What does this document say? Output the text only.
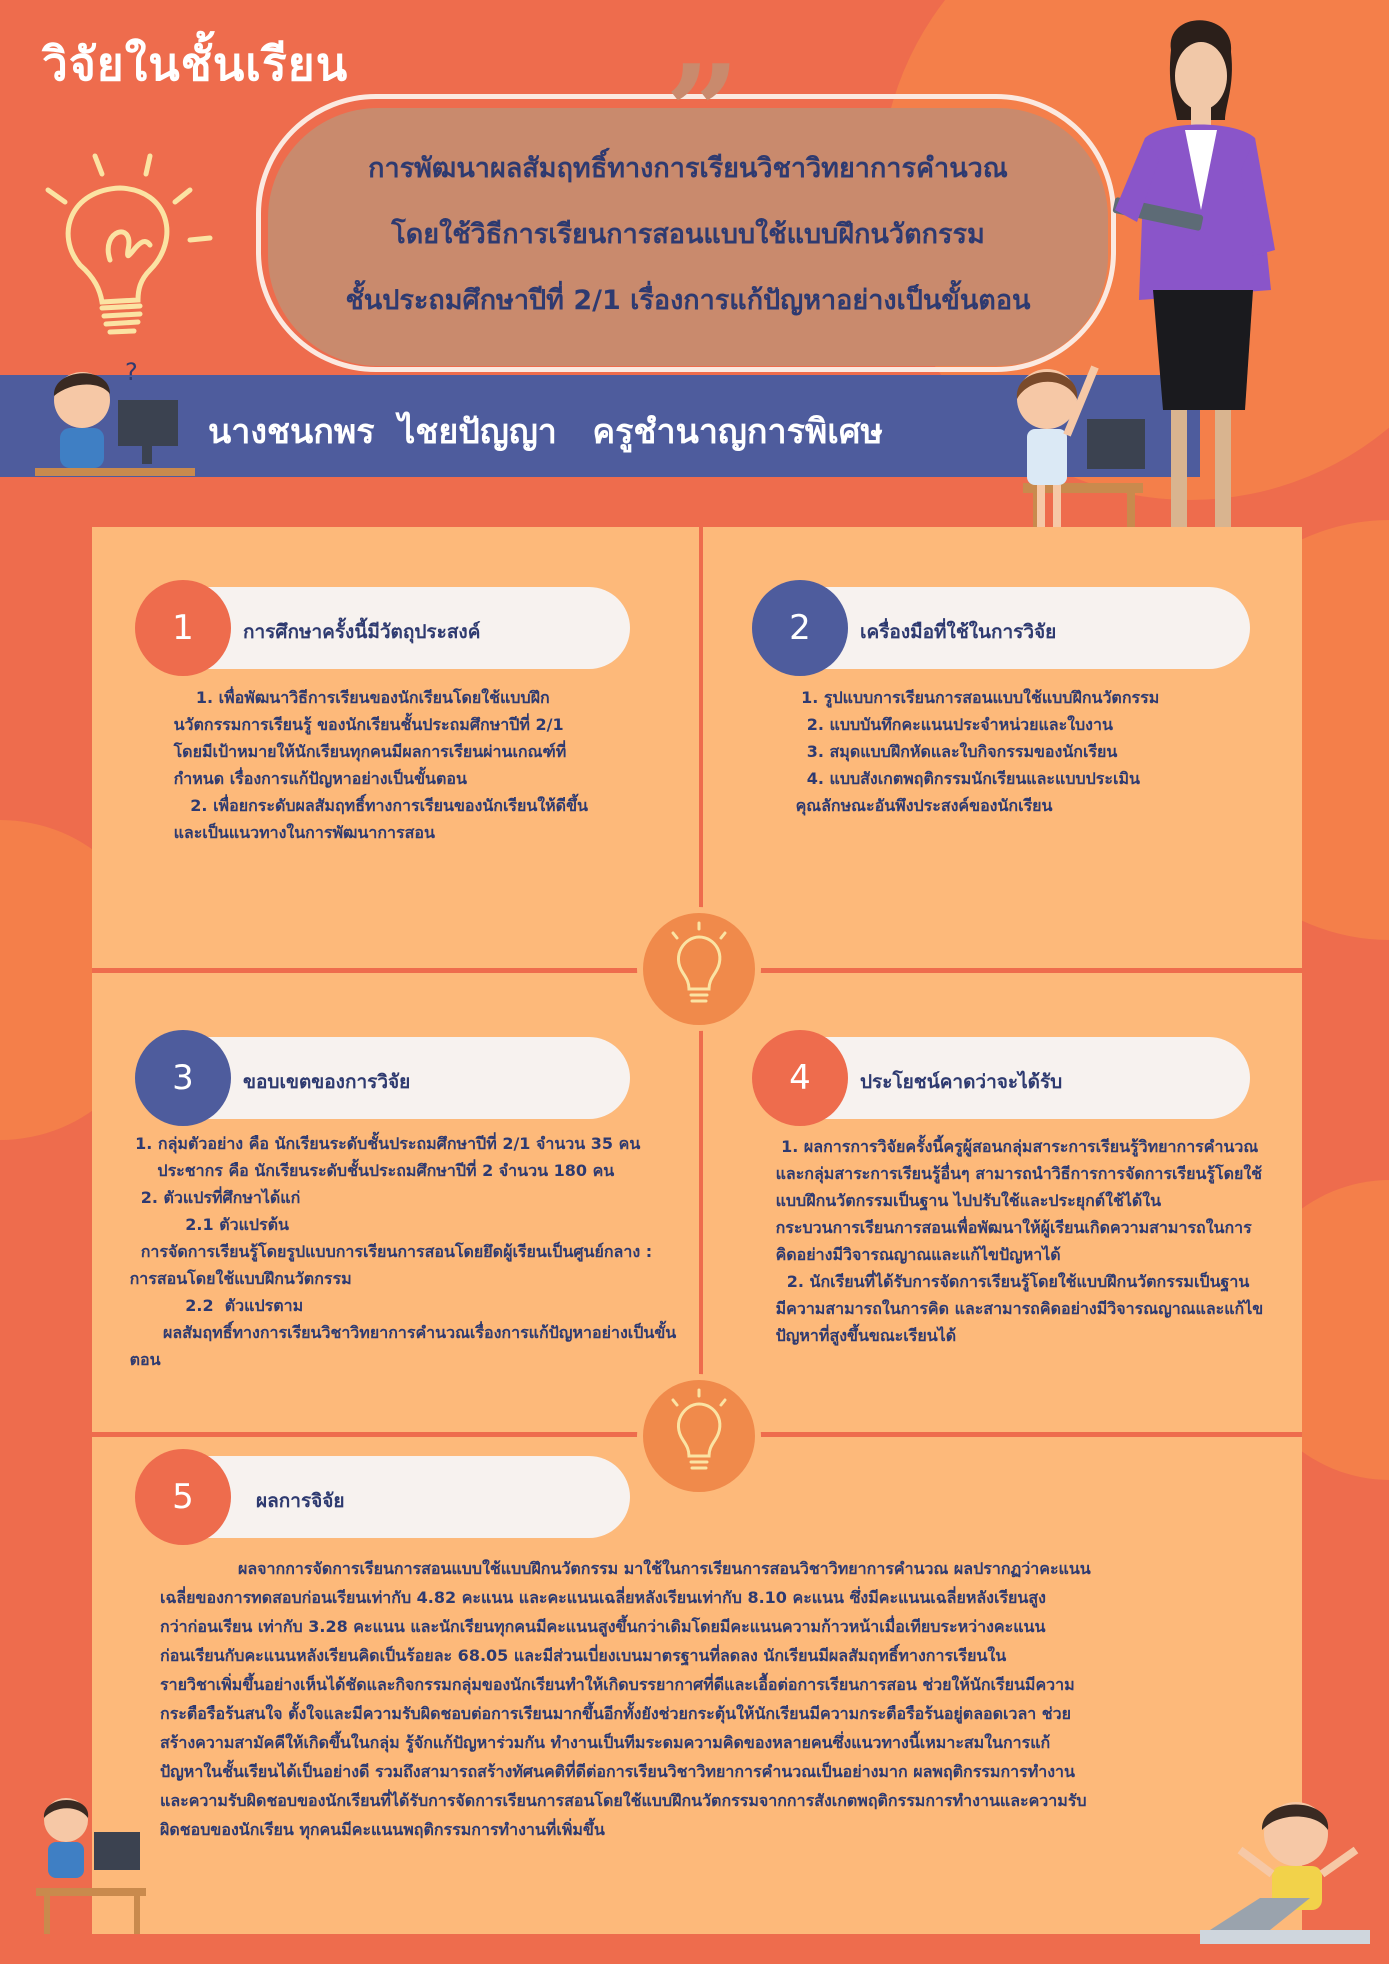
วิจัยในชั้นเรียน ”
การพัฒนาผลสัมฤทธิ์ทางการเรียนวิชาวิทยาการคำนวณ
โดยใช้วิธีการเรียนการสอนแบบใช้แบบฝึกนวัตกรรม
ชั้นประถมศึกษาปีที่ 2/1 เรื่องการแก้ปัญหาอย่างเป็นขั้นตอน
นางชนกพร  ไชยปัญญา   ครูชำนาญการพิเศษ
?
1	การศึกษาครั้งนี้มีวัตถุประสงค์
1. เพื่อพัฒนาวิธีการเรียนของนักเรียนโดยใช้แบบฝึก
นวัตกรรมการเรียนรู้ ของนักเรียนชั้นประถมศึกษาปีที่ 2/1
โดยมีเป้าหมายให้นักเรียนทุกคนมีผลการเรียนผ่านเกณฑ์ที่
กำหนด เรื่องการแก้ปัญหาอย่างเป็นขั้นตอน
2. เพื่อยกระดับผลสัมฤทธิ์ทางการเรียนของนักเรียนให้ดีขึ้น
และเป็นแนวทางในการพัฒนาการสอน
2	เครื่องมือที่ใช้ในการวิจัย
1. รูปแบบการเรียนการสอนแบบใช้แบบฝึกนวัตกรรม
2. แบบบันทึกคะแนนประจำหน่วยและใบงาน
3. สมุดแบบฝึกหัดและใบกิจกรรมของนักเรียน
4. แบบสังเกตพฤติกรรมนักเรียนและแบบประเมิน
คุณลักษณะอันพึงประสงค์ของนักเรียน
3	ขอบเขตของการวิจัย
1. กลุ่มตัวอย่าง คือ นักเรียนระดับชั้นประถมศึกษาปีที่ 2/1 จำนวน 35 คน
ประชากร คือ นักเรียนระดับชั้นประถมศึกษาปีที่ 2 จำนวน 180 คน
2. ตัวแปรที่ศึกษาได้แก่
2.1 ตัวแปรต้น
การจัดการเรียนรู้โดยรูปแบบการเรียนการสอนโดยยึดผู้เรียนเป็นศูนย์กลาง :
การสอนโดยใช้แบบฝึกนวัตกรรม
2.2  ตัวแปรตาม
ผลสัมฤทธิ์ทางการเรียนวิชาวิทยาการคำนวณเรื่องการแก้ปัญหาอย่างเป็นขั้น
ตอน
4	ประโยชน์คาดว่าจะได้รับ
1. ผลการการวิจัยครั้งนี้ครูผู้สอนกลุ่มสาระการเรียนรู้วิทยาการคำนวณ
และกลุ่มสาระการเรียนรู้อื่นๆ สามารถนำวิธีการการจัดการเรียนรู้โดยใช้
แบบฝึกนวัตกรรมเป็นฐาน ไปปรับใช้และประยุกต์ใช้ได้ใน
กระบวนการเรียนการสอนเพื่อพัฒนาให้ผู้เรียนเกิดความสามารถในการ
คิดอย่างมีวิจารณญาณและแก้ไขปัญหาได้
2. นักเรียนที่ได้รับการจัดการเรียนรู้โดยใช้แบบฝึกนวัตกรรมเป็นฐาน
มีความสามารถในการคิด และสามารถคิดอย่างมีวิจารณญาณและแก้ไข
ปัญหาที่สูงขึ้นขณะเรียนได้
5	ผลการจิจัย
ผลจากการจัดการเรียนการสอนแบบใช้แบบฝึกนวัตกรรม มาใช้ในการเรียนการสอนวิชาวิทยาการคำนวณ ผลปรากฏว่าคะแนน
เฉลี่ยของการทดสอบก่อนเรียนเท่ากับ 4.82 คะแนน และคะแนนเฉลี่ยหลังเรียนเท่ากับ 8.10 คะแนน ซึ่งมีคะแนนเฉลี่ยหลังเรียนสูง
กว่าก่อนเรียน เท่ากับ 3.28 คะแนน และนักเรียนทุกคนมีคะแนนสูงขึ้นกว่าเดิมโดยมีคะแนนความก้าวหน้าเมื่อเทียบระหว่างคะแนน
ก่อนเรียนกับคะแนนหลังเรียนคิดเป็นร้อยละ 68.05 และมีส่วนเบี่ยงเบนมาตรฐานที่ลดลง นักเรียนมีผลสัมฤทธิ์ทางการเรียนใน
รายวิชาเพิ่มขึ้นอย่างเห็นได้ชัดและกิจกรรมกลุ่มของนักเรียนทำให้เกิดบรรยากาศที่ดีและเอื้อต่อการเรียนการสอน ช่วยให้นักเรียนมีความ
กระตือรือร้นสนใจ ตั้งใจและมีความรับผิดชอบต่อการเรียนมากขึ้นอีกทั้งยังช่วยกระตุ้นให้นักเรียนมีความกระตือรือร้นอยู่ตลอดเวลา ช่วย
สร้างความสามัคคีให้เกิดขึ้นในกลุ่ม รู้จักแก้ปัญหาร่วมกัน ทำงานเป็นทีมระดมความคิดของหลายคนซึ่งแนวทางนี้เหมาะสมในการแก้
ปัญหาในชั้นเรียนได้เป็นอย่างดี รวมถึงสามารถสร้างทัศนคติที่ดีต่อการเรียนวิชาวิทยาการคำนวณเป็นอย่างมาก ผลพฤติกรรมการทำงาน
และความรับผิดชอบของนักเรียนที่ได้รับการจัดการเรียนการสอนโดยใช้แบบฝึกนวัตกรรมจากการสังเกตพฤติกรรมการทำงานและความรับ
ผิดชอบของนักเรียน ทุกคนมีคะแนนพฤติกรรมการทำงานที่เพิ่มขึ้น
